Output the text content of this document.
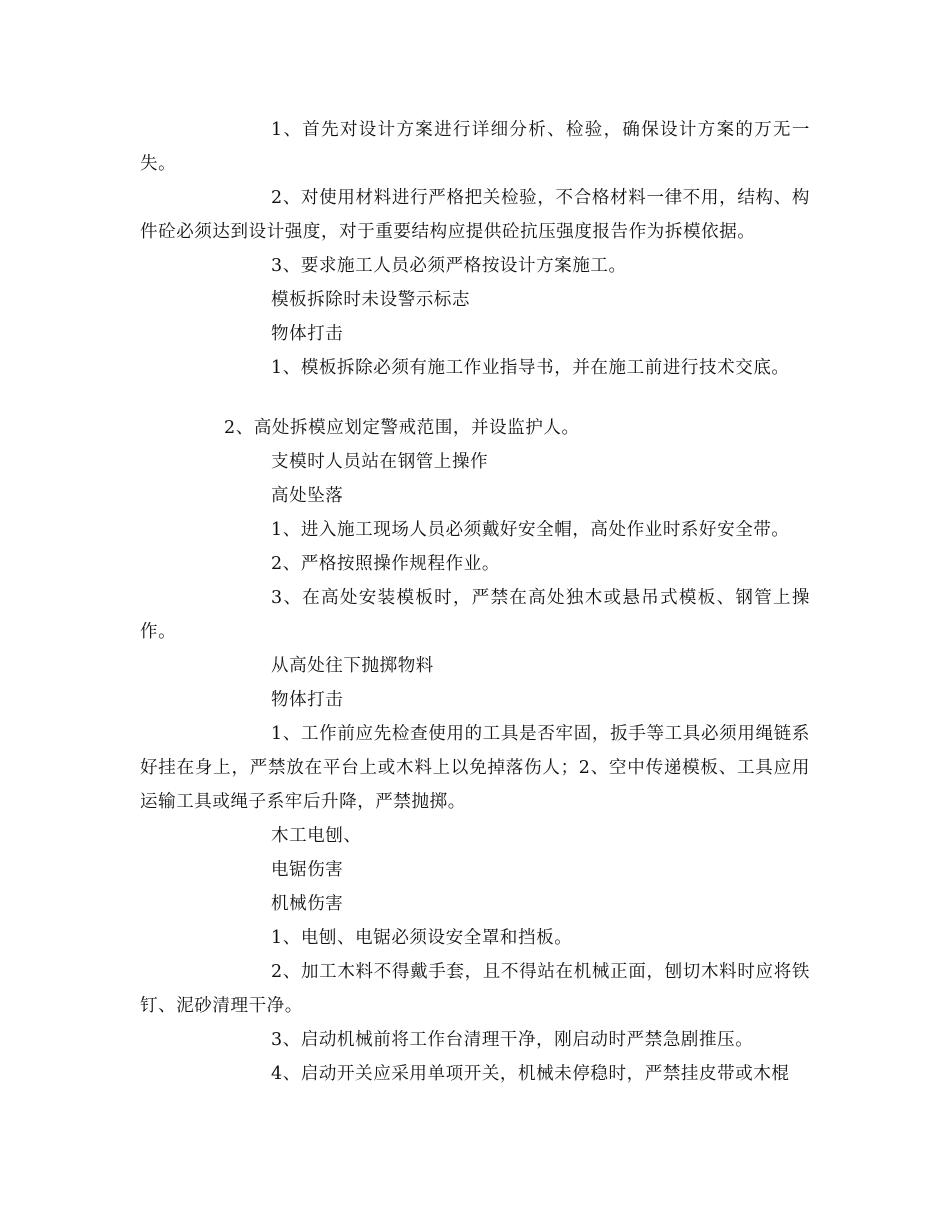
1、首先对设计方案进行详细分析、检验，确保设计方案的万无一失。

2、对使用材料进行严格把关检验，不合格材料一律不用，结构、构件砼必须达到设计强度，对于重要结构应提供砼抗压强度报告作为拆模依据。

3、要求施工人员必须严格按设计方案施工。

模板拆除时未设警示标志

物体打击

1、模板拆除必须有施工作业指导书，并在施工前进行技术交底。

2、高处拆模应划定警戒范围，并设监护人。

支模时人员站在钢管上操作

高处坠落

1、进入施工现场人员必须戴好安全帽，高处作业时系好安全带。

2、严格按照操作规程作业。

3、在高处安装模板时，严禁在高处独木或悬吊式模板、钢管上操作。

从高处往下抛掷物料

物体打击

1、工作前应先检查使用的工具是否牢固，扳手等工具必须用绳链系好挂在身上，严禁放在平台上或木料上以免掉落伤人；2、空中传递模板、工具应用运输工具或绳子系牢后升降，严禁抛掷。

木工电刨、

电锯伤害

机械伤害

1、电刨、电锯必须设安全罩和挡板。

2、加工木料不得戴手套，且不得站在机械正面，刨切木料时应将铁钉、泥砂清理干净。

3、启动机械前将工作台清理干净，刚启动时严禁急剧推压。

4、启动开关应采用单项开关，机械未停稳时，严禁挂皮带或木棍
